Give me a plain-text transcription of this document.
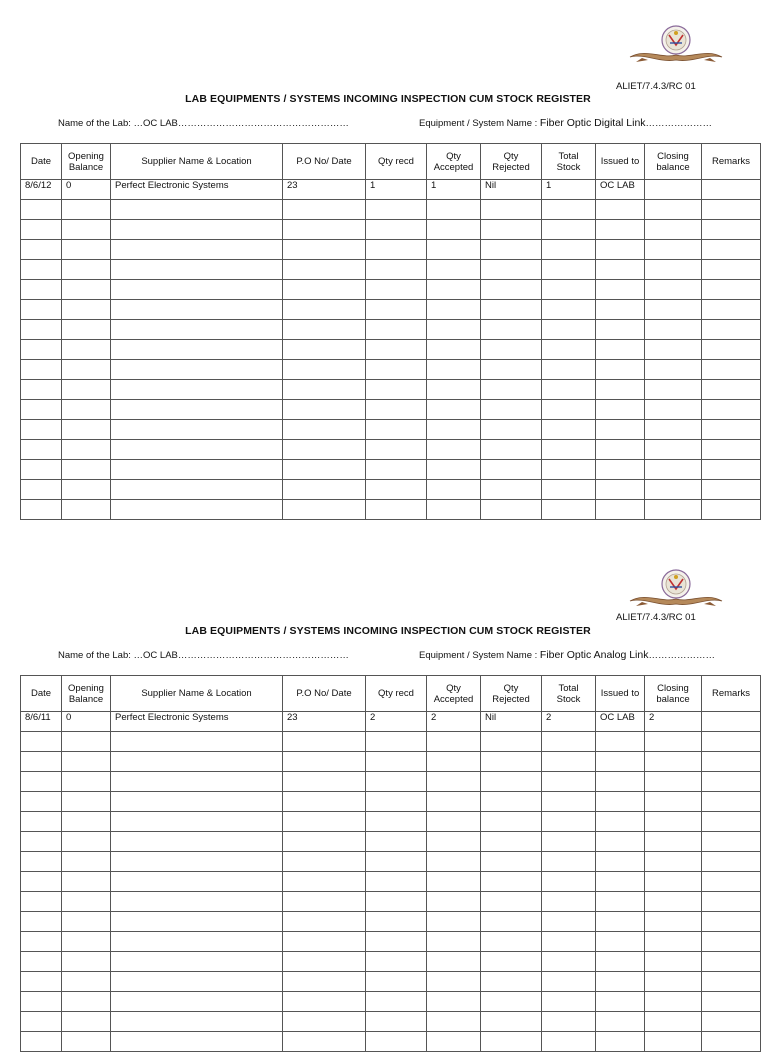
ALIET/7.4.3/RC 01
LAB EQUIPMENTS / SYSTEMS INCOMING INSPECTION CUM STOCK REGISTER
Name of the Lab: …OC LAB………………………………………………	Equipment / System Name : Fiber Optic Digital Link…………………
Date	Opening Balance	Supplier Name & Location	P.O No/ Date	Qty recd	Qty Accepted	Qty Rejected	Total Stock	Issued to	Closing balance	Remarks
8/6/12	0	Perfect Electronic Systems	23	1	1	Nil	1	OC LAB		

ALIET/7.4.3/RC 01
LAB EQUIPMENTS / SYSTEMS INCOMING INSPECTION CUM STOCK REGISTER
Name of the Lab: …OC LAB………………………………………………	Equipment / System Name : Fiber Optic Analog Link…………………
Date	Opening Balance	Supplier Name & Location	P.O No/ Date	Qty recd	Qty Accepted	Qty Rejected	Total Stock	Issued to	Closing balance	Remarks
8/6/11	0	Perfect Electronic Systems	23	2	2	Nil	2	OC LAB	2	
